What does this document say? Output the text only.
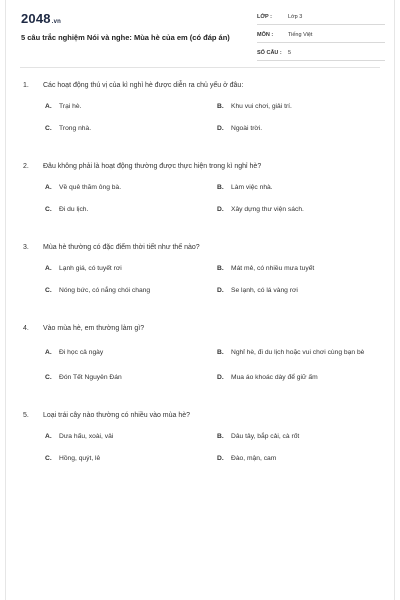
2048.vn
5 câu trắc nghiệm Nói và nghe: Mùa hè của em (có đáp án)
LỚP :	Lớp 3
MÔN :	Tiếng Việt
SỐ CÂU :	5
1.	Các hoạt động thú vị của kì nghỉ hè được diễn ra chủ yếu ở đâu:
A.	Trại hè.	B.	Khu vui chơi, giải trí.
C.	Trong nhà.	D.	Ngoài trời.
2.	Đâu không phải là hoạt động thường được thực hiện trong kì nghỉ hè?
A.	Về quê thăm ông bà.	B.	Làm việc nhà.
C.	Đi du lịch.	D.	Xây dựng thư viện sách.
3.	Mùa hè thường có đặc điểm thời tiết như thế nào?
A.	Lạnh giá, có tuyết rơi	B.	Mát mẻ, có nhiều mưa tuyết
C.	Nóng bức, có nắng chói chang	D.	Se lạnh, có lá vàng rơi
4.	Vào mùa hè, em thường làm gì?
A.	Đi học cả ngày	B.	Nghỉ hè, đi du lịch hoặc vui chơi cùng bạn bè
C.	Đón Tết Nguyên Đán	D.	Mua áo khoác dày để giữ ấm
5.	Loại trái cây nào thường có nhiều vào mùa hè?
A.	Dưa hấu, xoài, vải	B.	Dâu tây, bắp cải, cà rốt
C.	Hồng, quýt, lê	D.	Đào, mận, cam
